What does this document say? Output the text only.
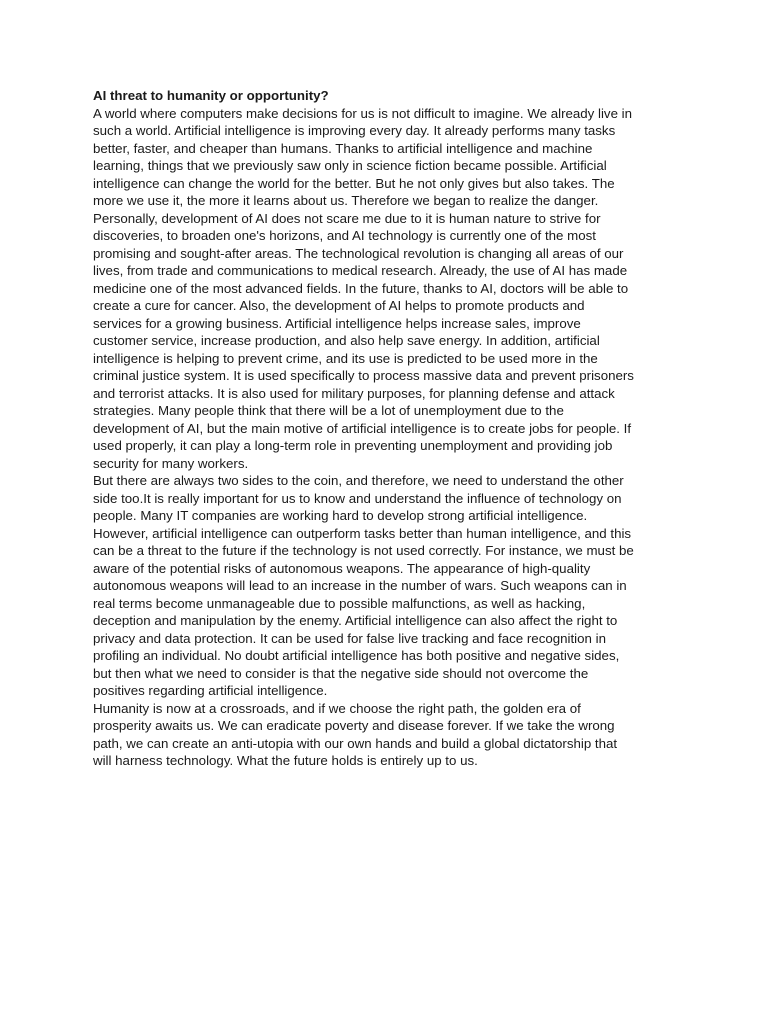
AI threat to humanity or opportunity?

A world where computers make decisions for us is not difficult to imagine. We already live in
such a world. Artificial intelligence is improving every day. It already performs many tasks
better, faster, and cheaper than humans. Thanks to artificial intelligence and machine
learning, things that we previously saw only in science fiction became possible. Artificial
intelligence can change the world for the better. But he not only gives but also takes. The
more we use it, the more it learns about us. Therefore we began to realize the danger.
Personally, development of AI does not scare me due to it is human nature to strive for
discoveries, to broaden one's horizons, and AI technology is currently one of the most
promising and sought-after areas. The technological revolution is changing all areas of our
lives, from trade and communications to medical research. Already, the use of AI has made
medicine one of the most advanced fields. In the future, thanks to AI, doctors will be able to
create a cure for cancer. Also, the development of AI helps to promote products and
services for a growing business. Artificial intelligence helps increase sales, improve
customer service, increase production, and also help save energy. In addition, artificial
intelligence is helping to prevent crime, and its use is predicted to be used more in the
criminal justice system. It is used specifically to process massive data and prevent prisoners
and terrorist attacks. It is also used for military purposes, for planning defense and attack
strategies. Many people think that there will be a lot of unemployment due to the
development of AI, but the main motive of artificial intelligence is to create jobs for people. If
used properly, it can play a long-term role in preventing unemployment and providing job
security for many workers.

But there are always two sides to the coin, and therefore, we need to understand the other
side too.It is really important for us to know and understand the influence of technology on
people. Many IT companies are working hard to develop strong artificial intelligence.
However, artificial intelligence can outperform tasks better than human intelligence, and this
can be a threat to the future if the technology is not used correctly. For instance, we must be
aware of the potential risks of autonomous weapons. The appearance of high-quality
autonomous weapons will lead to an increase in the number of wars. Such weapons can in
real terms become unmanageable due to possible malfunctions, as well as hacking,
deception and manipulation by the enemy. Artificial intelligence can also affect the right to
privacy and data protection. It can be used for false live tracking and face recognition in
profiling an individual. No doubt artificial intelligence has both positive and negative sides,
but then what we need to consider is that the negative side should not overcome the
positives regarding artificial intelligence.

Humanity is now at a crossroads, and if we choose the right path, the golden era of
prosperity awaits us. We can eradicate poverty and disease forever. If we take the wrong
path, we can create an anti-utopia with our own hands and build a global dictatorship that
will harness technology. What the future holds is entirely up to us.
